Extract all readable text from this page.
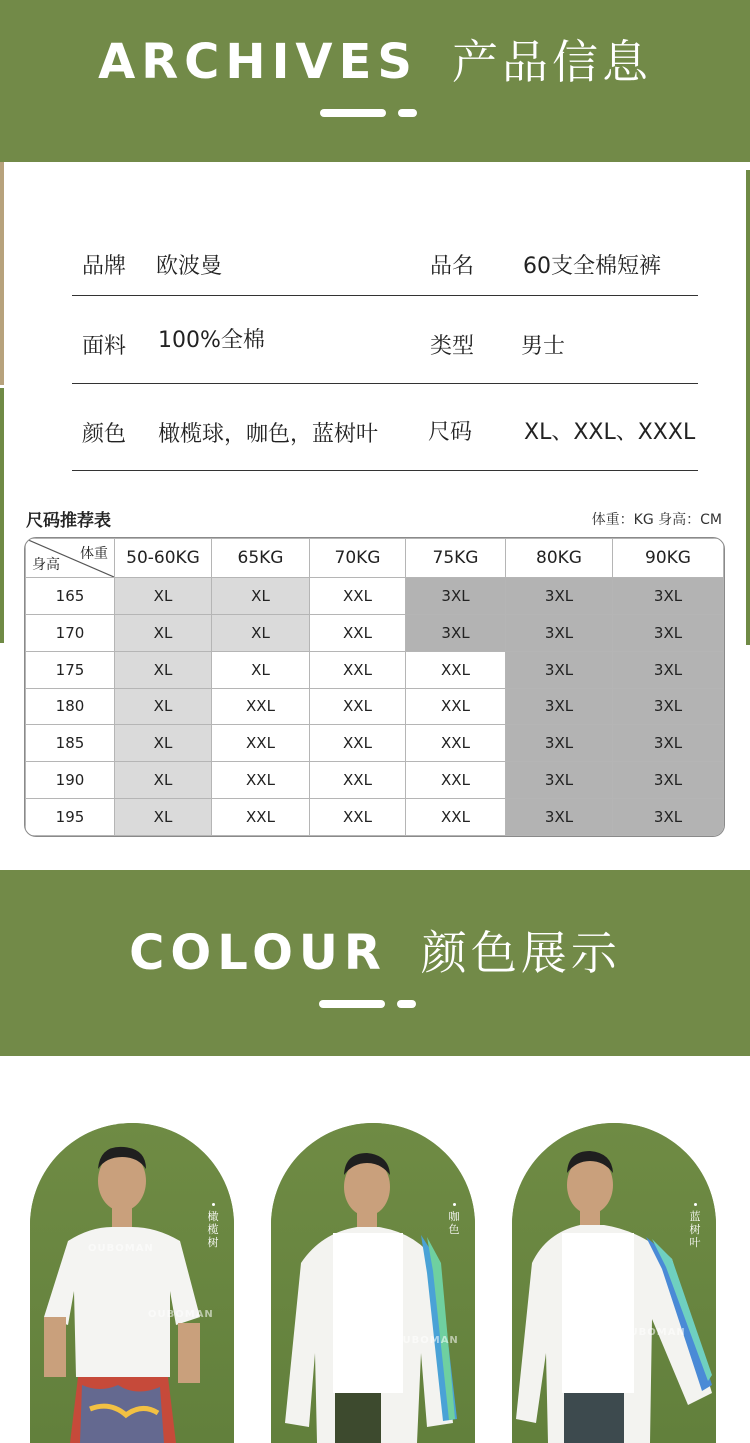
ARCHIVES 产品信息
品牌 欧波曼	品名 60支全棉短裤
面料 100%全棉	类型 男士
颜色 橄榄球，咖色，蓝树叶 尺码 XL、XXL、XXXL
尺码推荐表	体重：KG 身高：CM
体重
身高	50-60KG	65KG	70KG	75KG	80KG	90KG
165	XL	XL	XXL	3XL	3XL	3XL
170	XL	XL	XXL	3XL	3XL	3XL
175	XL	XL	XXL	XXL	3XL	3XL
180	XL	XXL	XXL	XXL	3XL	3XL
185	XL	XXL	XXL	XXL	3XL	3XL
190	XL	XXL	XXL	XXL	3XL	3XL
195	XL	XXL	XXL	XXL	3XL	3XL
COLOUR 颜色展示
OUBOMAN
OUBOMAN
橄榄树
OUBOMAN
OUBOMAN
咖色
OUBOMAN
OUBOMAN
蓝树叶
